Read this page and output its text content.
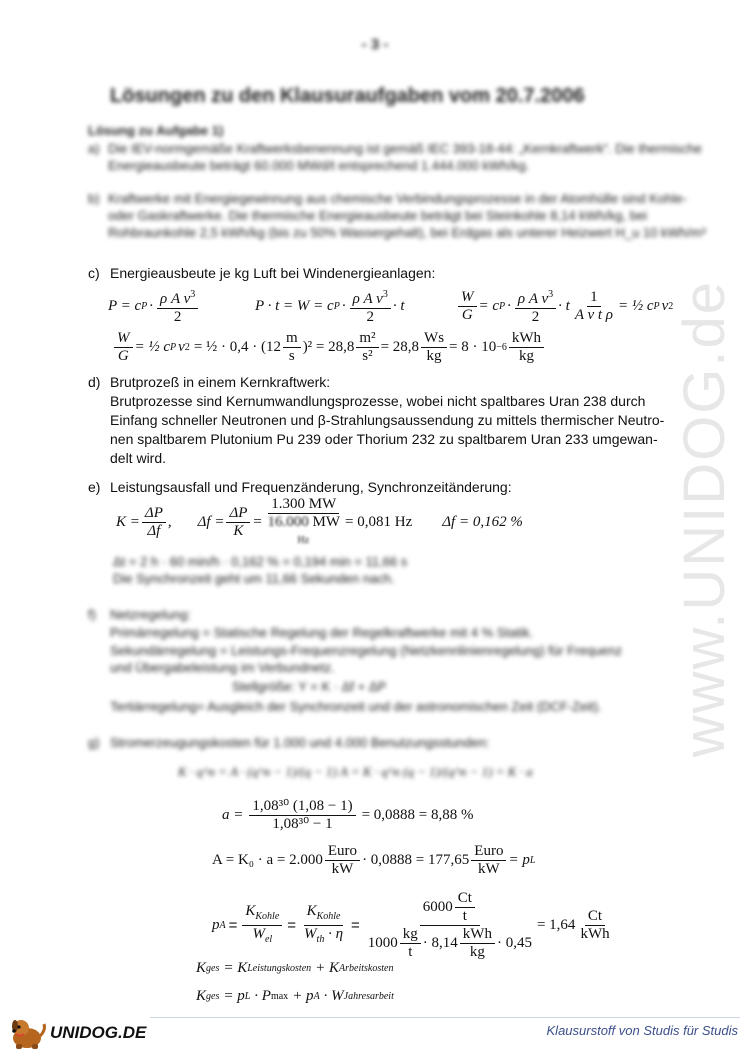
- 3 -
Lösungen zu den Klausuraufgaben vom 20.7.2006
Lösung zu Aufgabe 1)
a) Die IEV-normgemäße Kraftwerksbenennung ist gemäß IEC 393-18-44: „Kernkraftwerk“. Die thermische Energieausbeute beträgt 60.000 MWd/t entsprechend 1.444.000 kWh/kg.
b) Kraftwerke mit Energiegewinnung aus chemische Verbindungsprozesse in der Atomhülle sind Kohle-oder Gaskraftwerke. Die thermische Energieausbeute beträgt bei Steinkohle 8,14 kWh/kg, bei Rohbraunkohle 2,5 kWh/kg (bis zu 50% Wassergehalt), bei Erdgas als unterer Heizwert H_u 10 kWh/m³
c) Energieausbeute je kg Luft bei Windenergieanlagen:
P = c $P \cdot \frac{\rho A v^3}{2}$	P · t = W = c $P \cdot \frac{\rho A v^3}{2} \cdot t$	$\frac{W}{G} = c$ $P \cdot \frac{\rho A v^3}{2} \cdot t \frac{1}{\text{A v t ρ}}$ = ½ c P v 2
$\frac{W}{G}$ = ½ c P v 2 = ½ · $0,4 \cdot (12 \frac{m}{s} )^2 = 28,8 \frac{\text{m²}}{\text{s²}} = 28,8 \frac{Ws}{kg} = 8 \cdot 10 -6 \frac{\text{kWh}}{kg}$
d) Brutprozeß in einem Kernkraftwerk:
Brutprozesse sind Kernumwandlungsprozesse, wobei nicht spaltbares Uran 238 durch
Einfang schneller Neutronen und β-Strahlungsaussendung zu mittels thermischer Neutro-
nen spaltbarem Plutonium Pu 239 oder Thorium 232 zu spaltbarem Uran 233 umgewan-
delt wird.
e) Leistungsausfall und Frequenzänderung, Synchronzeitänderung:
$K = \frac{\Delta P}{\Delta f}$ , $\Delta f = \frac{\Delta P}{K}$ =
1.300 MW
16.000 MW
Hz
= 0,081 Hz Δf = 0,162 %
Δt = 2 h · 60 min/h · 0,162 % = 0,194 min = 11,66 s
Die Synchronzeit geht um 11,66 Sekunden nach.
f) Netzregelung:
Primärregelung = Statische Regelung der Regelkraftwerke mit 4 % Statik.
Sekundärregelung = Leistungs-Frequenzregelung (Netzkennlinienregelung) für Frequenz
und Übergabeleistung im Verbundnetz.
Stellgröße: Y = K · Δf + ΔP
Tertiärregelung= Ausgleich der Synchronzeit und der astronomischen Zeit (DCF-Zeit).
g) Stromerzeugungskosten für 1.000 und 4.000 Benutzungsstunden:
K · q^n = A · (q^n − 1)/(q − 1) A = K · q^n (q − 1)/(q^n − 1) = K · a
$a = \frac{\text{1,08³⁰ (1,08 − 1)}}{\text{1,08³⁰ − 1}} = 0,0888 = 8,88$ %
$A = K_0 \cdot a = 2.000 \frac{\text{Euro}}{kW} \cdot 0,0888 = 177,65 \frac{\text{Euro}}{kW} = p$ L
p $A = \frac{K_{Kohle}}{W_{el}} = \frac{K_{Kohle}}{W_{th} \cdot \eta} = \frac{6000 \frac{Ct}{t}}{1000 \frac{kg}{t} \cdot 8,14 \frac{\text{kWh}}{kg} \cdot 0,45} = 1,64 \frac{Ct}{\text{kWh}}$
K ges = K Leistungskosten + K Arbeitskosten
K ges = p L · P max + p A · W Jahresarbeit
www.UNIDOG.de
UNIDOG.DE	Klausurstoff von Studis für Studis
